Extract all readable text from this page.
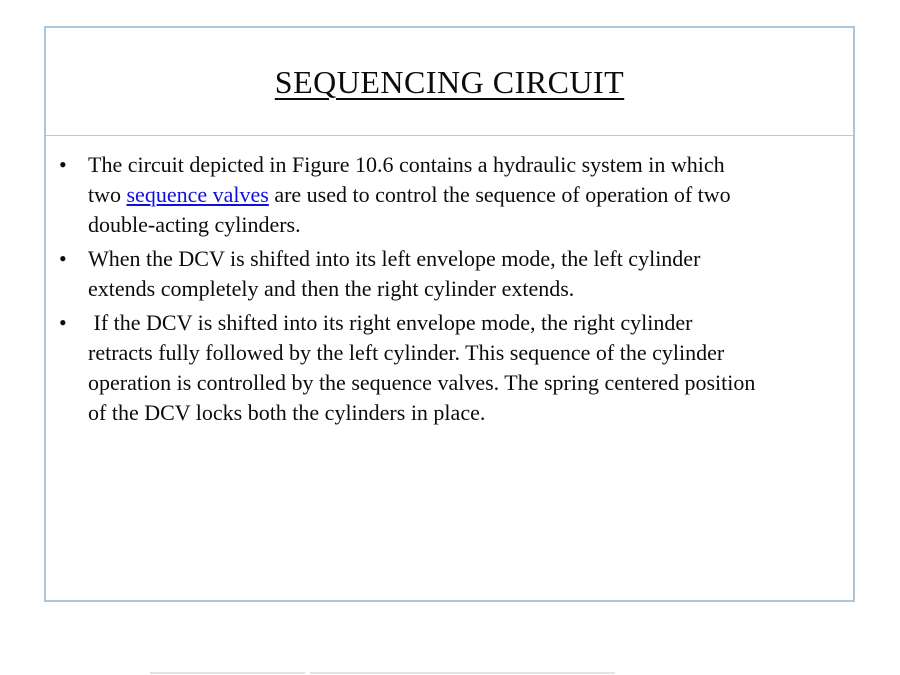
SEQUENCING CIRCUIT
• The circuit depicted in Figure 10.6 contains a hydraulic system in which
two sequence valves are used to control the sequence of operation of two
double-acting cylinders.
• When the DCV is shifted into its left envelope mode, the left cylinder
extends completely and then the right cylinder extends.
• If the DCV is shifted into its right envelope mode, the right cylinder
retracts fully followed by the left cylinder. This sequence of the cylinder
operation is controlled by the sequence valves. The spring centered position
of the DCV locks both the cylinders in place.
